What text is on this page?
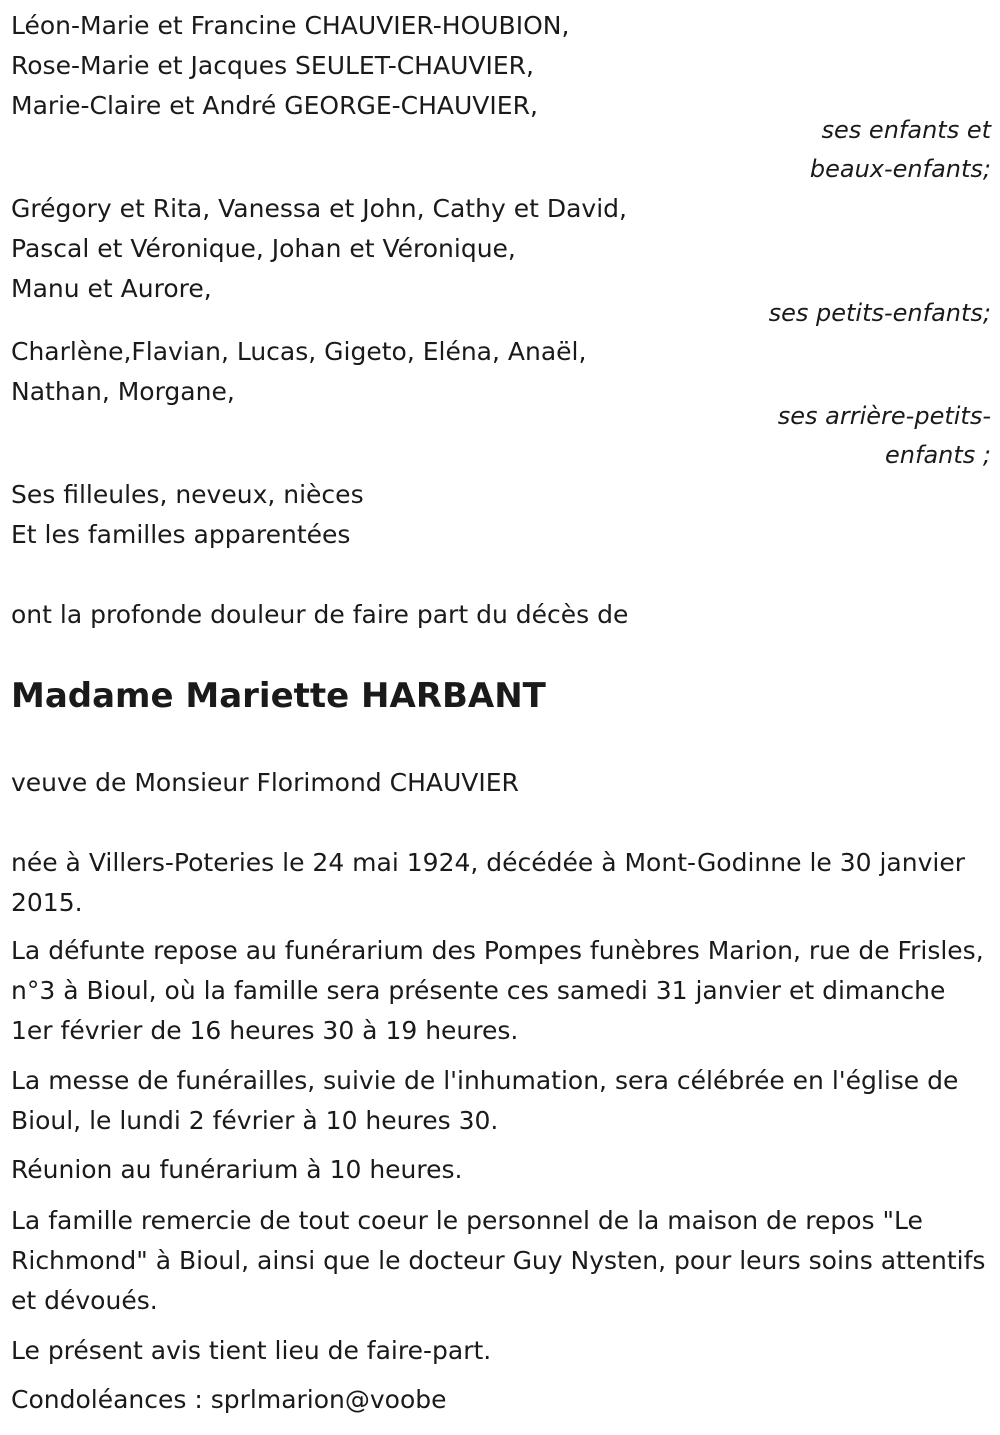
Léon-Marie et Francine CHAUVIER-HOUBION,
Rose-Marie et Jacques SEULET-CHAUVIER,
Marie-Claire et André GEORGE-CHAUVIER,
ses enfants et
beaux-enfants;
Grégory et Rita, Vanessa et John, Cathy et David,
Pascal et Véronique, Johan et Véronique,
Manu et Aurore,
ses petits-enfants;
Charlène,Flavian, Lucas, Gigeto, Eléna, Anaël,
Nathan, Morgane,
ses arrière-petits-
enfants ;
Ses filleules, neveux, nièces
Et les familles apparentées
ont la profonde douleur de faire part du décès de
Madame Mariette HARBANT
veuve de Monsieur Florimond CHAUVIER
née à Villers-Poteries le 24 mai 1924, décédée à Mont-Godinne le 30 janvier 2015.
La défunte repose au funérarium des Pompes funèbres Marion, rue de Frisles, n°3 à Bioul, où la famille sera présente ces samedi 31 janvier et dimanche 1er février de 16 heures 30 à 19 heures.
La messe de funérailles, suivie de l'inhumation, sera célébrée en l'église de Bioul, le lundi 2 février à 10 heures 30.
Réunion au funérarium à 10 heures.
La famille remercie de tout coeur le personnel de la maison de repos "Le Richmond" à Bioul, ainsi que le docteur Guy Nysten, pour leurs soins attentifs et dévoués.
Le présent avis tient lieu de faire-part.
Condoléances : sprlmarion@voobe
